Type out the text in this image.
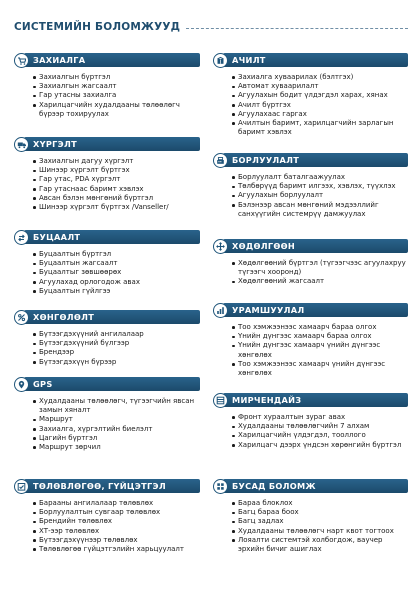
СИСТЕМИЙН БОЛОМЖУУД
ЗАХИАЛГА
Захиалгын бүртгэл
Захиалгын жагсаалт
Гар утасны захиалга
Харилцагчийн худалдааны төлөөлөгч бүрээр тохируулах
ХҮРГЭЛТ
Захиалгын дагуу хүргэлт
Шинээр хүргэлт бүртгэх
Гар утас, PDA хүргэлт
Гар утаснаас баримт хэвлэх
Авсан бэлэн мөнгөний бүртгэл
Шинээр хүргэлт бүртгэх /Vanseller/
БУЦААЛТ
Буцаалтын бүртгэл
Буцаалтын жагсаалт
Буцаалтыг зөвшөөрөх
Агуулахад орлогодож авах
Буцаалтын гүйлгээ
ХӨНГӨЛӨЛТ
Бүтээгдэхүүний ангилалаар
Бүтээгдэхүүний бүлгээр
Брендээр
Бүтээгдэхүүн бүрээр
GPS
Худалдааны төлөөлөгч, түгээгчийн явсан замын хяналт
Маршрут
Захиалга, хүргэлтийн биелэлт
Цагийн бүртгэл
Маршрут зөрчил
ТӨЛӨВЛӨГӨӨ, ГҮЙЦЭТГЭЛ
Барааны ангилалаар төлөвлөх
Борлуулалтын сувгаар төлөвлөх
Брендийн төлөвлөх
ХТ-ээр төлөвлөх
Бүтээгдэхүүнээр төлөвлөх
Төлөвлөгөө гүйцэтгэлийн харьцуулалт
АЧИЛТ
Захиалга хуваарилах (бэлтгэх)
Автомат хуваарилалт
Агуулахын бодит үлдэгдэл харах, хянах
Ачилт бүртгэх
Агуулахаас гаргах
Ачилтын баримт, харилцагчийн зарлагын баримт хэвлэх
БОРЛУУЛАЛТ
Борлуулалт баталгаажуулах
Төлбөрүүд баримт илгээх, хэвлэх, түүхлэх
Агуулахын борлуулалт
Бэлэнээр авсан мөнгөний мэдээллийг санхүүгийн системрүү дамжуулах
ХӨДӨЛГӨӨН
Хөдөлгөөний бүртгэл (түгээгчээс агуулахруу түгээгч хооронд)
Хөдөлгөөний жагсаалт
УРАМШУУЛАЛ
Тоо хэмжээнээс хамаарч бараа олгох
Үнийн дүнгээс хамаарч бараа олгох
Үнийн дүнгээс хамаарч үнийн дүнгээс хөнгөлөх
Тоо хэмжээнээс хамаарч үнийн дүнгээс хөнгөлөх
МИРЧЕНДАЙЗ
Фронт хураалтын зураг авах
Худалдааны төлөөлөгчийн 7 алхам
Харилцагчийн үлдэгдэл, тооллого
Харилцагч дээрх үндсэн хөрөнгийн бүртгэл
БУСАД БОЛОМЖ
Бараа блоклох
Багц бараа боох
Багц задлах
Худалдааны төлөөлөгч нарт квот тогтоох
Лояалти системтэй холбогдож, ваучер эрхийн бичиг ашиглах
